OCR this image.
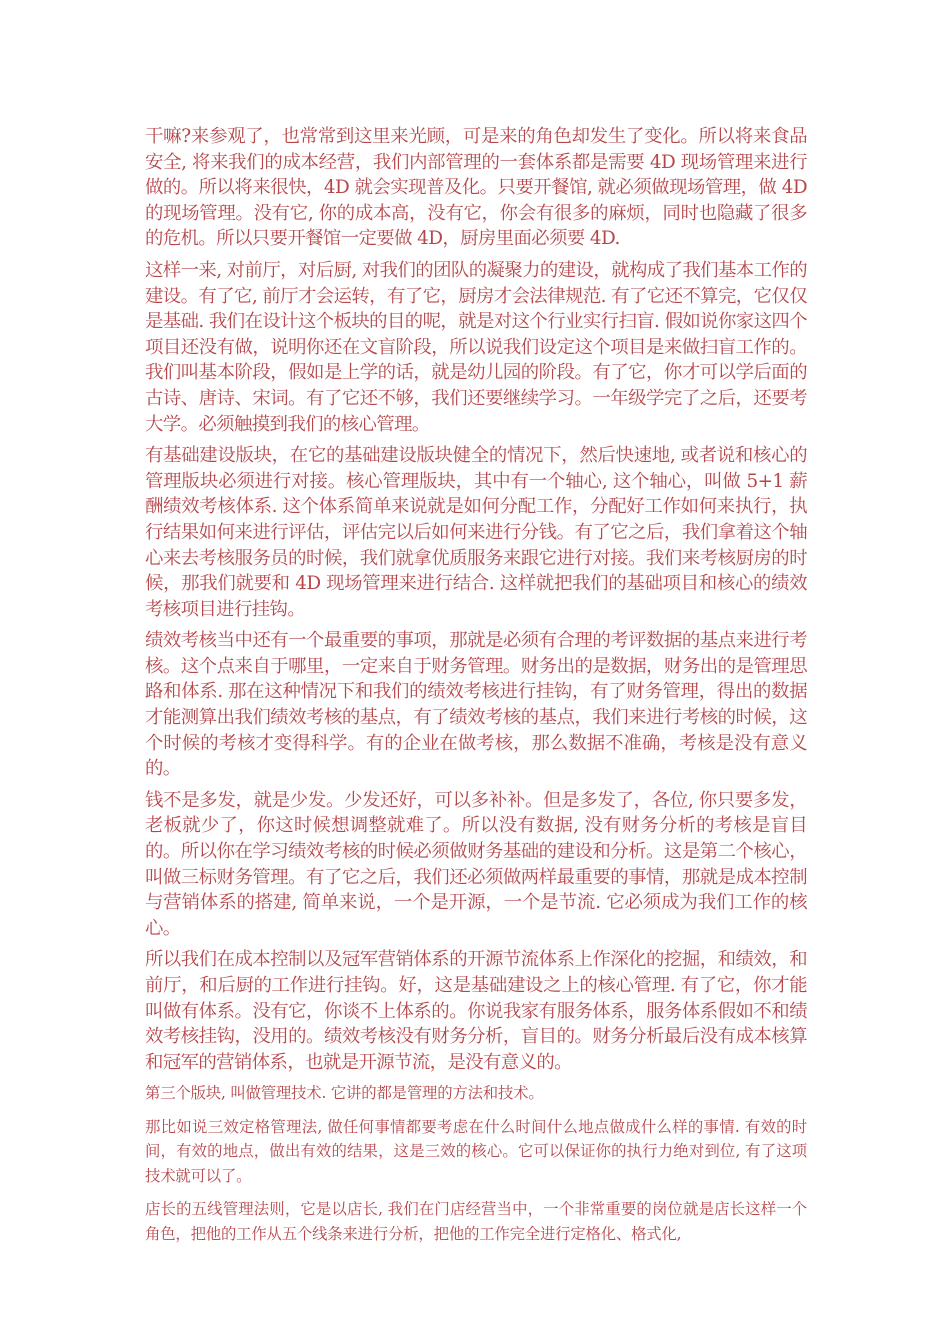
干嘛?来参观了，也常常到这里来光顾，可是来的角色却发生了变化。所以将来食品安全, 将来我们的成本经营，我们内部管理的一套体系都是需要 4D 现场管理来进行做的。所以将来很快，4D 就会实现普及化。只要开餐馆, 就必须做现场管理，做 4D 的现场管理。没有它, 你的成本高，没有它，你会有很多的麻烦，同时也隐藏了很多的危机。所以只要开餐馆一定要做 4D，厨房里面必须要 4D.

这样一来, 对前厅，对后厨, 对我们的团队的凝聚力的建设，就构成了我们基本工作的建设。有了它, 前厅才会运转，有了它，厨房才会法律规范. 有了它还不算完，它仅仅是基础. 我们在设计这个板块的目的呢，就是对这个行业实行扫盲. 假如说你家这四个项目还没有做，说明你还在文盲阶段，所以说我们设定这个项目是来做扫盲工作的。我们叫基本阶段，假如是上学的话，就是幼儿园的阶段。有了它，你才可以学后面的古诗、唐诗、宋词。有了它还不够，我们还要继续学习。一年级学完了之后，还要考大学。必须触摸到我们的核心管理。

有基础建设版块，在它的基础建设版块健全的情况下，然后快速地, 或者说和核心的管理版块必须进行对接。核心管理版块，其中有一个轴心, 这个轴心，叫做 5+1 薪酬绩效考核体系. 这个体系简单来说就是如何分配工作，分配好工作如何来执行，执行结果如何来进行评估，评估完以后如何来进行分钱。有了它之后，我们拿着这个轴心来去考核服务员的时候，我们就拿优质服务来跟它进行对接。我们来考核厨房的时候，那我们就要和 4D 现场管理来进行结合. 这样就把我们的基础项目和核心的绩效考核项目进行挂钩。

绩效考核当中还有一个最重要的事项，那就是必须有合理的考评数据的基点来进行考核。这个点来自于哪里，一定来自于财务管理。财务出的是数据，财务出的是管理思路和体系. 那在这种情况下和我们的绩效考核进行挂钩，有了财务管理，得出的数据才能测算出我们绩效考核的基点，有了绩效考核的基点，我们来进行考核的时候，这个时候的考核才变得科学。有的企业在做考核，那么数据不准确，考核是没有意义的。

钱不是多发，就是少发。少发还好，可以多补补。但是多发了，各位, 你只要多发，老板就少了，你这时候想调整就难了。所以没有数据, 没有财务分析的考核是盲目的。所以你在学习绩效考核的时候必须做财务基础的建设和分析。这是第二个核心，叫做三标财务管理。有了它之后，我们还必须做两样最重要的事情，那就是成本控制与营销体系的搭建, 简单来说，一个是开源，一个是节流. 它必须成为我们工作的核心。

所以我们在成本控制以及冠军营销体系的开源节流体系上作深化的挖掘，和绩效，和前厅，和后厨的工作进行挂钩。好，这是基础建设之上的核心管理. 有了它，你才能叫做有体系。没有它，你谈不上体系的。你说我家有服务体系，服务体系假如不和绩效考核挂钩，没用的。绩效考核没有财务分析，盲目的。财务分析最后没有成本核算和冠军的营销体系，也就是开源节流，是没有意义的。

第三个版块, 叫做管理技术. 它讲的都是管理的方法和技术。

那比如说三效定格管理法, 做任何事情都要考虑在什么时间什么地点做成什么样的事情. 有效的时间，有效的地点，做出有效的结果，这是三效的核心。它可以保证你的执行力绝对到位, 有了这项技术就可以了。

店长的五线管理法则，它是以店长, 我们在门店经营当中，一个非常重要的岗位就是店长这样一个角色，把他的工作从五个线条来进行分析，把他的工作完全进行定格化、格式化,
